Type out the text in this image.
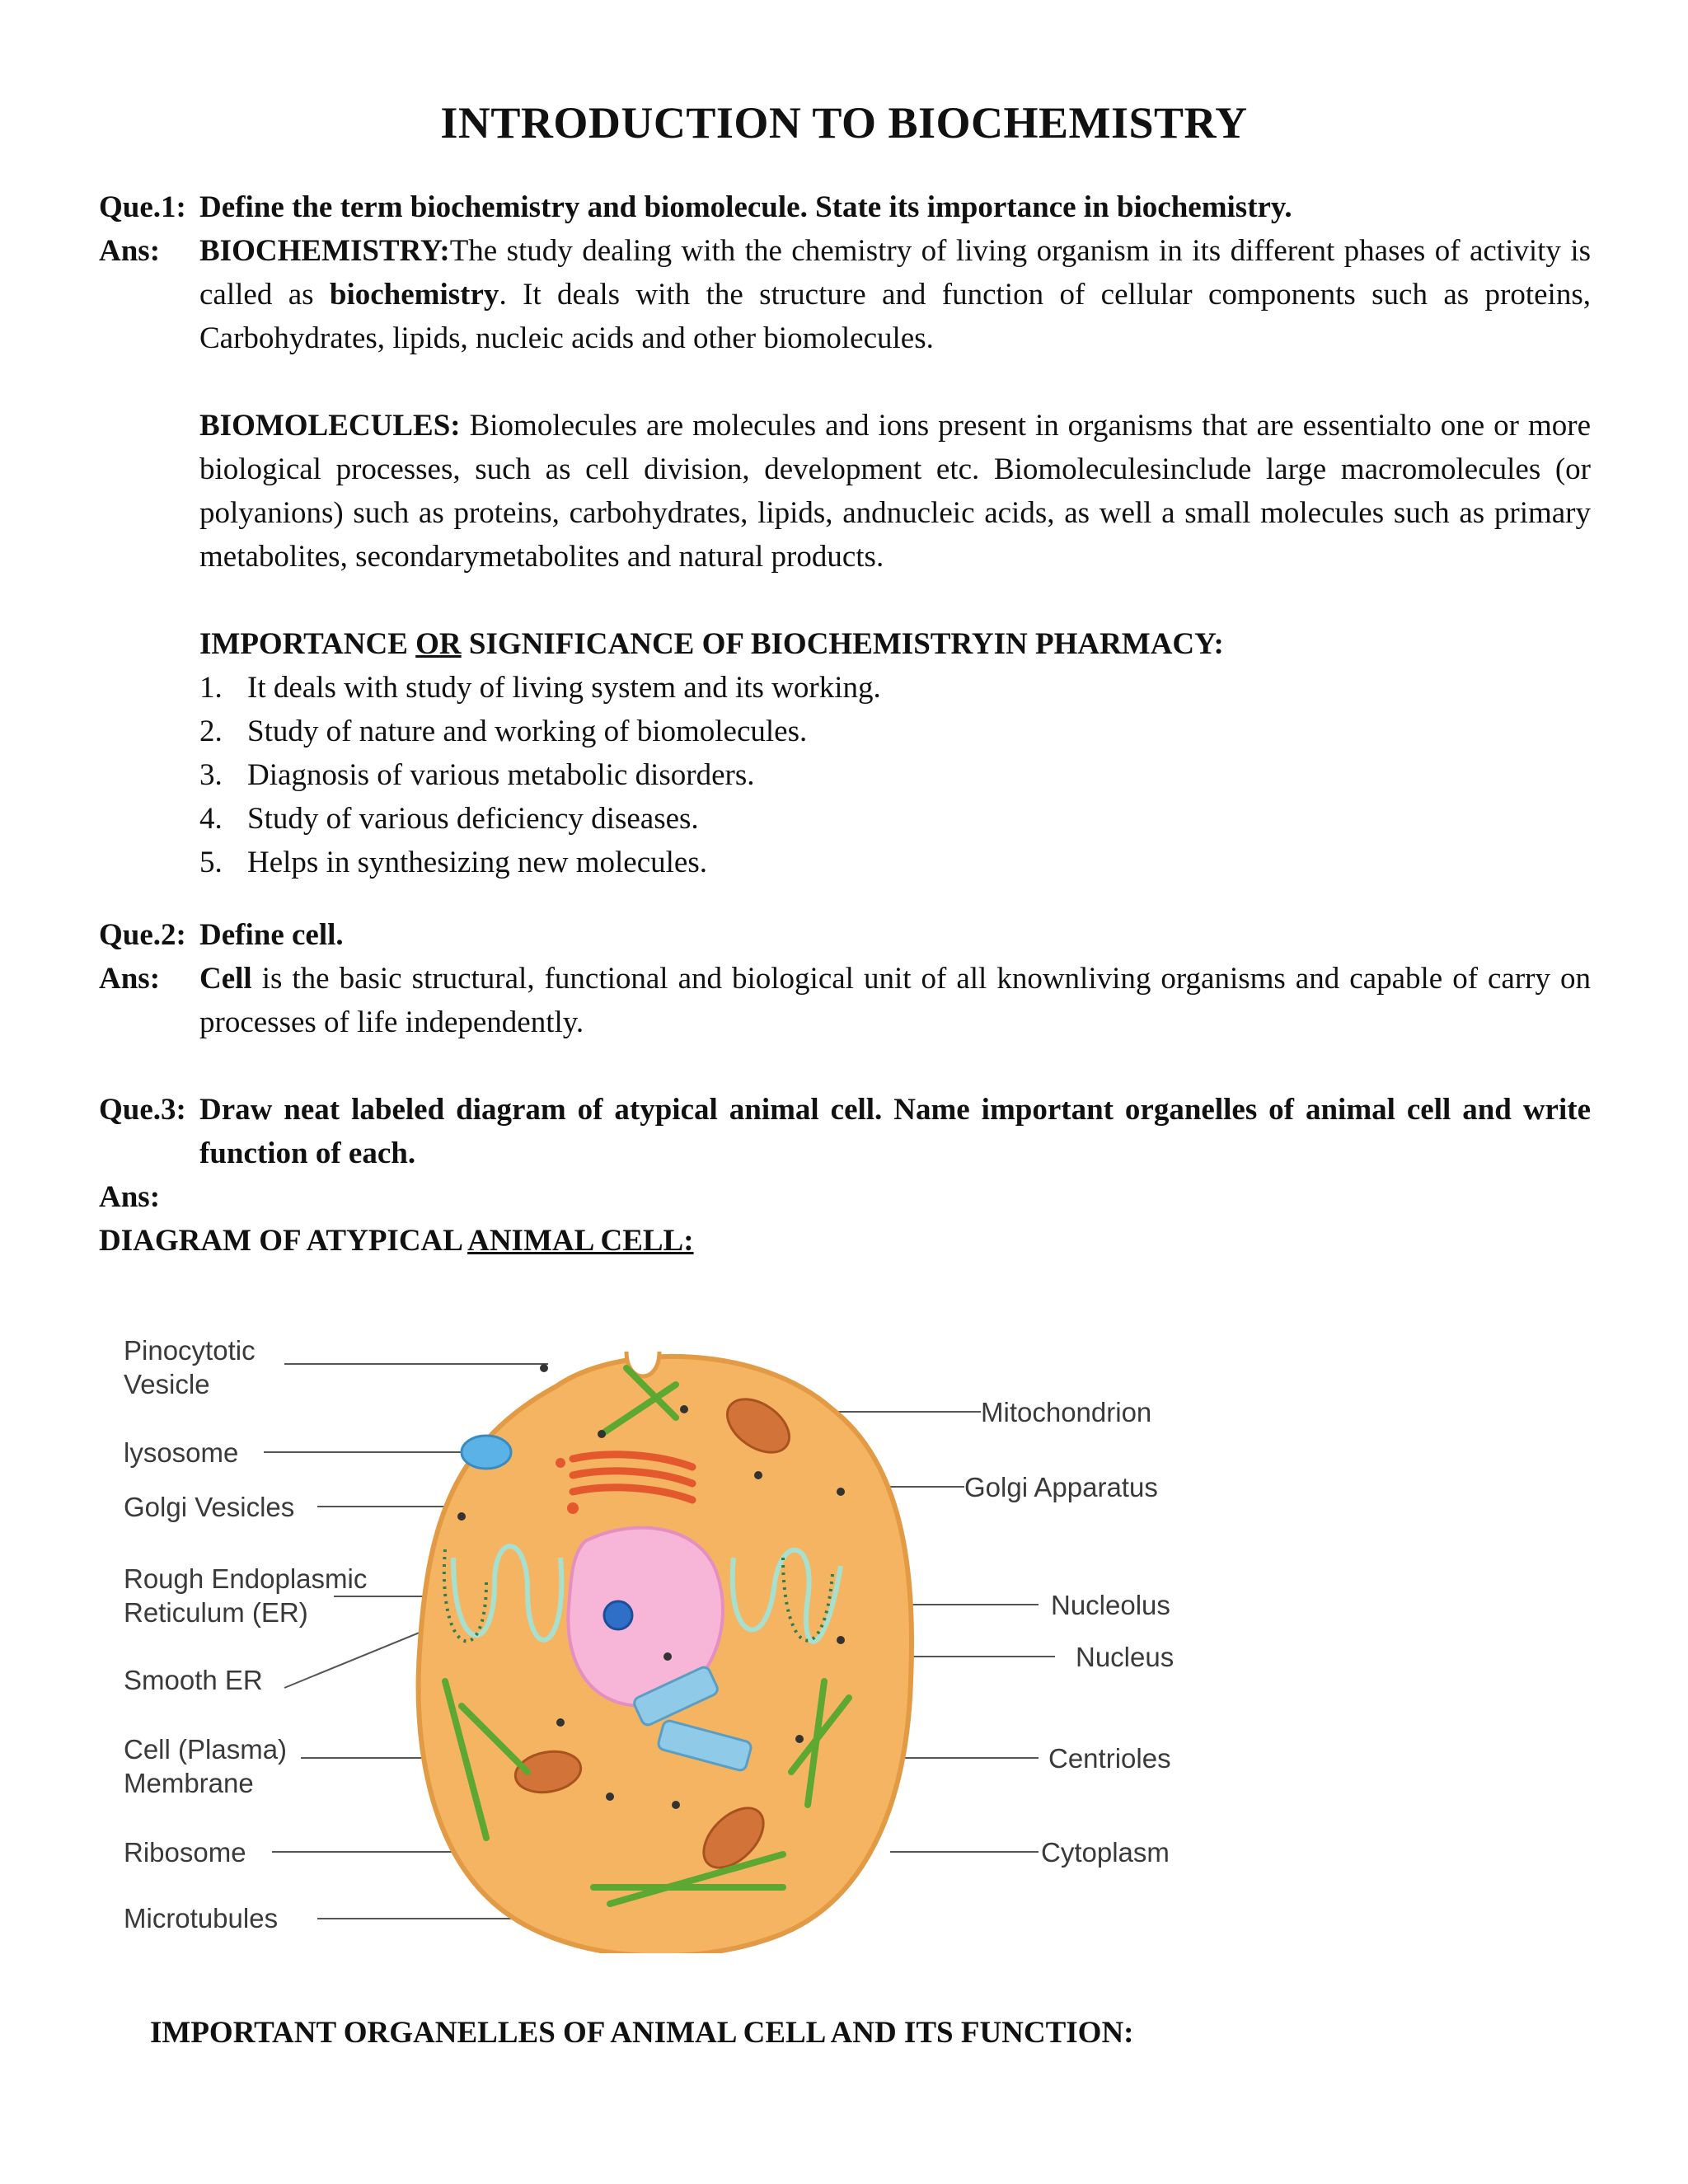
INTRODUCTION TO BIOCHEMISTRY
Que.1: Define the term biochemistry and biomolecule. State its importance in biochemistry.
Ans: BIOCHEMISTRY:The study dealing with the chemistry of living organism in its different phases of activity is called as biochemistry. It deals with the structure and function of cellular components such as proteins, Carbohydrates, lipids, nucleic acids and other biomolecules.

BIOMOLECULES: Biomolecules are molecules and ions present in organisms that are essentialto one or more biological processes, such as cell division, development etc. Biomoleculesinclude large macromolecules (or polyanions) such as proteins, carbohydrates, lipids, andnucleic acids, as well a small molecules such as primary metabolites, secondarymetabolites and natural products.

IMPORTANCE OR SIGNIFICANCE OF BIOCHEMISTRYIN PHARMACY:

1. It deals with study of living system and its working.
2. Study of nature and working of biomolecules.
3. Diagnosis of various metabolic disorders.
4. Study of various deficiency diseases.
5. Helps in synthesizing new molecules.
Que.2: Define cell.
Ans: Cell is the basic structural, functional and biological unit of all knownliving organisms and capable of carry on processes of life independently.
Que.3: Draw neat labeled diagram of atypical animal cell. Name important organelles of animal cell and write function of each.
Ans:
DIAGRAM OF ATYPICAL ANIMAL CELL:
Pinocytotic
Vesicle
lysosome
Golgi Vesicles
Rough Endoplasmic
Reticulum (ER)
Smooth ER
Cell (Plasma)
Membrane
Ribosome
Microtubules
Mitochondrion
Golgi Apparatus
Nucleolus
Nucleus
Centrioles
Cytoplasm
IMPORTANT ORGANELLES OF ANIMAL CELL AND ITS FUNCTION:
